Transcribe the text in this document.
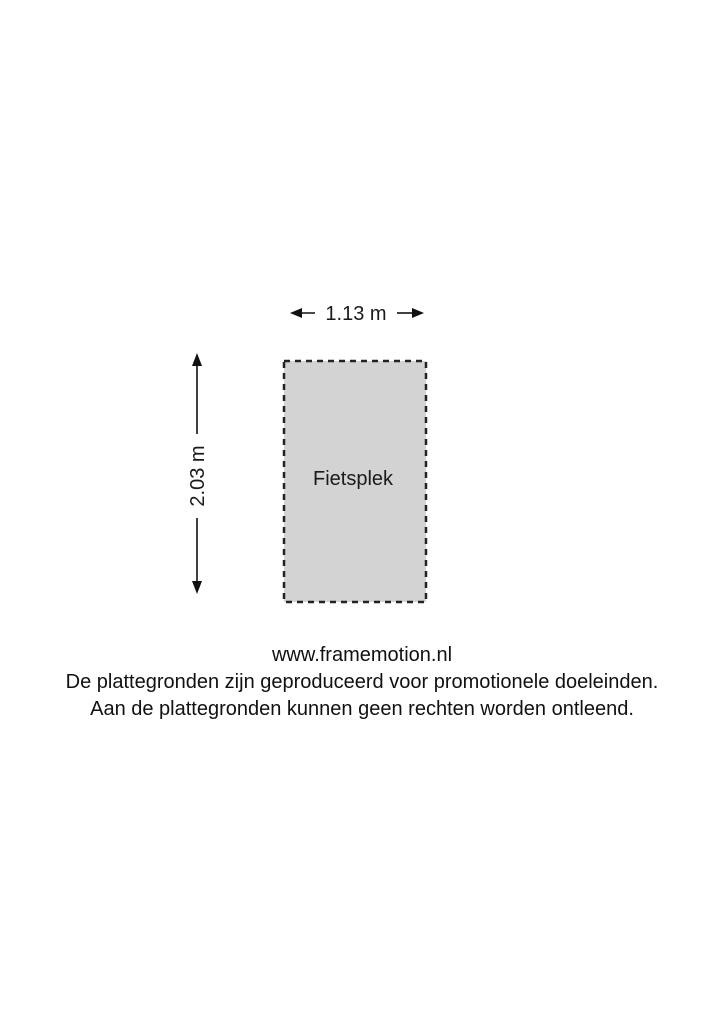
Fietsplek
1.13 m
2.03 m
www.framemotion.nl
De plattegronden zijn geproduceerd voor promotionele doeleinden.
Aan de plattegronden kunnen geen rechten worden ontleend.
